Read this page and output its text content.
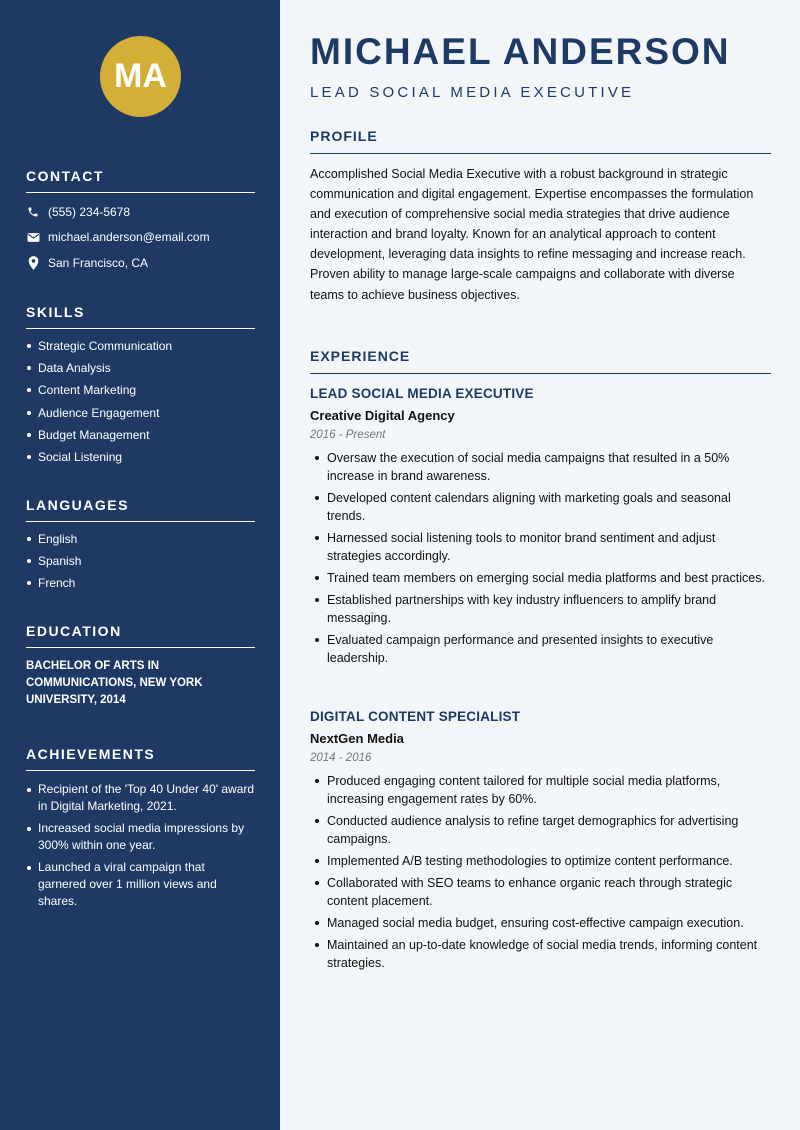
MA
CONTACT
(555) 234-5678
michael.anderson@email.com
San Francisco, CA
SKILLS
Strategic Communication
Data Analysis
Content Marketing
Audience Engagement
Budget Management
Social Listening
LANGUAGES
English
Spanish
French
EDUCATION
BACHELOR OF ARTS IN COMMUNICATIONS, NEW YORK UNIVERSITY, 2014
ACHIEVEMENTS
Recipient of the 'Top 40 Under 40' award in Digital Marketing, 2021.
Increased social media impressions by 300% within one year.
Launched a viral campaign that garnered over 1 million views and shares.
MICHAEL ANDERSON
LEAD SOCIAL MEDIA EXECUTIVE
PROFILE

Accomplished Social Media Executive with a robust background in strategic communication and digital engagement. Expertise encompasses the formulation and execution of comprehensive social media strategies that drive audience interaction and brand loyalty. Known for an analytical approach to content development, leveraging data insights to refine messaging and increase reach. Proven ability to manage large-scale campaigns and collaborate with diverse teams to achieve business objectives.

EXPERIENCE
LEAD SOCIAL MEDIA EXECUTIVE
Creative Digital Agency
2016 - Present
Oversaw the execution of social media campaigns that resulted in a 50% increase in brand awareness.
Developed content calendars aligning with marketing goals and seasonal trends.
Harnessed social listening tools to monitor brand sentiment and adjust strategies accordingly.
Trained team members on emerging social media platforms and best practices.
Established partnerships with key industry influencers to amplify brand messaging.
Evaluated campaign performance and presented insights to executive leadership.
DIGITAL CONTENT SPECIALIST
NextGen Media
2014 - 2016
Produced engaging content tailored for multiple social media platforms, increasing engagement rates by 60%.
Conducted audience analysis to refine target demographics for advertising campaigns.
Implemented A/B testing methodologies to optimize content performance.
Collaborated with SEO teams to enhance organic reach through strategic content placement.
Managed social media budget, ensuring cost-effective campaign execution.
Maintained an up-to-date knowledge of social media trends, informing content strategies.
